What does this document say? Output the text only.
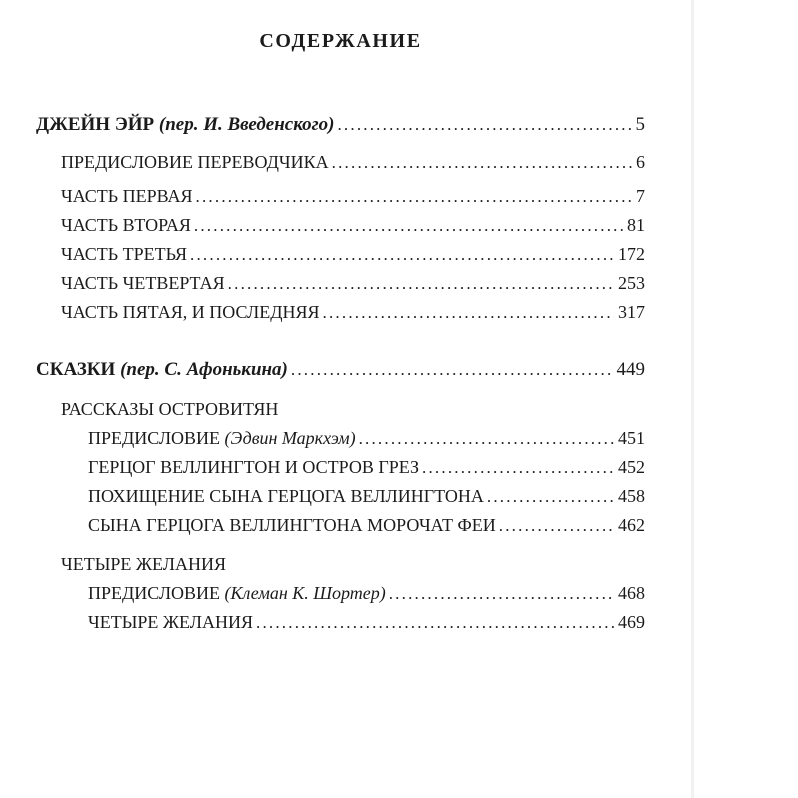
СОДЕРЖАНИЕ
ДЖЕЙН ЭЙР (пер. И. Введенского) .....	5
ПРЕДИСЛОВИЕ ПЕРЕВОДЧИКА .....	6
ЧАСТЬ ПЕРВАЯ .....	7
ЧАСТЬ ВТОРАЯ .....	81
ЧАСТЬ ТРЕТЬЯ .....	172
ЧАСТЬ ЧЕТВЕРТАЯ .....	253
ЧАСТЬ ПЯТАЯ, И ПОСЛЕДНЯЯ .....	317
СКАЗКИ (пер. С. Афонькина) .....	449
РАССКАЗЫ ОСТРОВИТЯН
ПРЕДИСЛОВИЕ (Эдвин Маркхэм) .....	451
ГЕРЦОГ ВЕЛЛИНГТОН И ОСТРОВ ГРЕЗ .....	452
ПОХИЩЕНИЕ СЫНА ГЕРЦОГА ВЕЛЛИНГТОНА .....	458
СЫНА ГЕРЦОГА ВЕЛЛИНГТОНА МОРОЧАТ ФЕИ .....	462
ЧЕТЫРЕ ЖЕЛАНИЯ
ПРЕДИСЛОВИЕ (Клеман К. Шортер) .....	468
ЧЕТЫРЕ ЖЕЛАНИЯ .....	469
